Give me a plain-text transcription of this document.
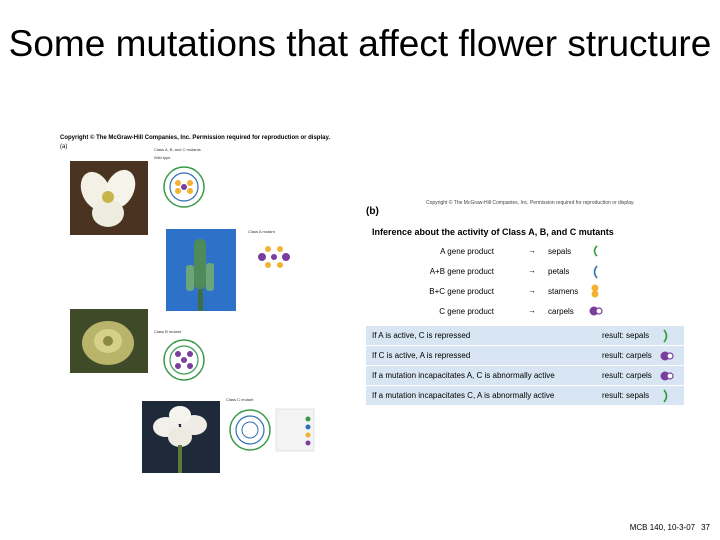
Some mutations that affect flower structure
Copyright © The McGraw-Hill Companies, Inc. Permission required for reproduction or display.
(a)	Class A, B, and C mutants
Wild type
Class A mutant
Class B mutant
Class C mutant
Copyright © The McGraw-Hill Companies, Inc. Permission required for reproduction or display.
(b)
Inference about the activity of Class A, B, and C mutants
A gene product	→ sepals
A+B gene product	→ petals
B+C gene product	→ stamens
C gene product	→ carpels
If A is active, C is repressed	result: sepals
If C is active, A is repressed	result: carpels
If a mutation incapacitates A, C is abnormally active	result: carpels
If a mutation incapacitates C, A is abnormally active	result: sepals
MCB 140, 10-3-07 37
